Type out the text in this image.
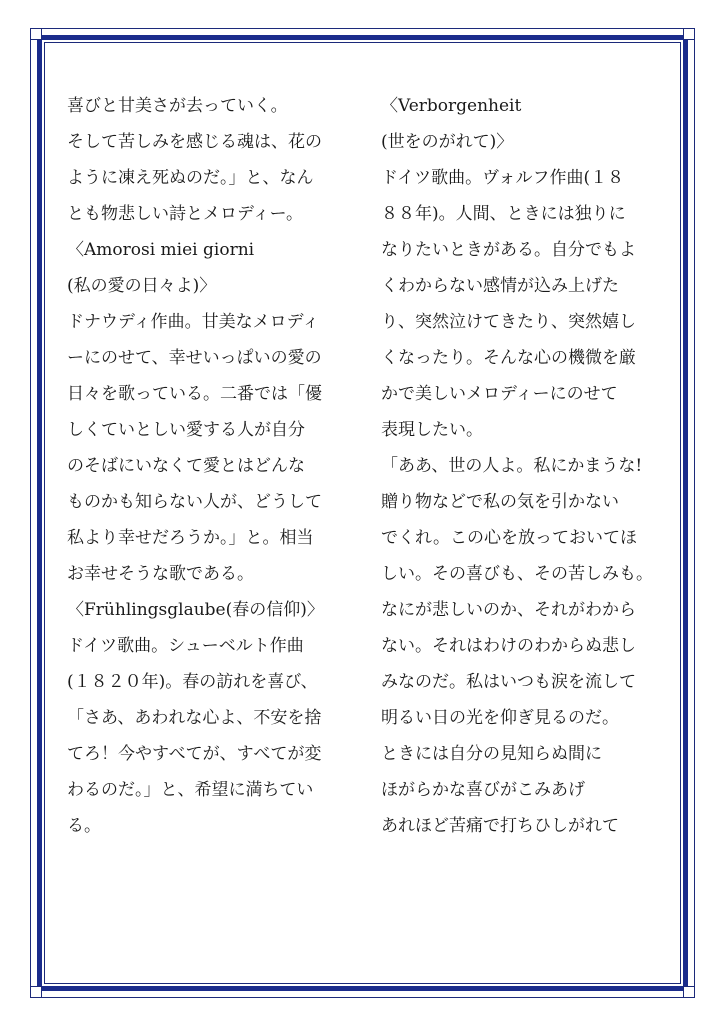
喜びと甘美さが去っていく。
そして苦しみを感じる魂は、花の
ように凍え死ぬのだ。」と、なん
とも物悲しい詩とメロディー。
〈Amorosi miei giorni
(私の愛の日々よ)〉
ドナウディ作曲。甘美なメロディ
ーにのせて、幸せいっぱいの愛の
日々を歌っている。二番では「優
しくていとしい愛する人が自分
のそばにいなくて愛とはどんな
ものかも知らない人が、どうして
私より幸せだろうか。」と。相当
お幸せそうな歌である。
〈Frühlingsglaube(春の信仰)〉
ドイツ歌曲。シューベルト作曲
(１８２０年)。春の訪れを喜び、
「さあ、あわれな心よ、不安を捨
てろ！今やすべてが、すべてが変
わるのだ。」と、希望に満ちてい
る。
〈Verborgenheit
(世をのがれて)〉
ドイツ歌曲。ヴォルフ作曲(１８
８８年)。人間、ときには独りに
なりたいときがある。自分でもよ
くわからない感情が込み上げた
り、突然泣けてきたり、突然嬉し
くなったり。そんな心の機微を厳
かで美しいメロディーにのせて
表現したい。
「ああ、世の人よ。私にかまうな!
贈り物などで私の気を引かない
でくれ。この心を放っておいてほ
しい。その喜びも、その苦しみも。
なにが悲しいのか、それがわから
ない。それはわけのわからぬ悲し
みなのだ。私はいつも涙を流して
明るい日の光を仰ぎ見るのだ。
ときには自分の見知らぬ間に
ほがらかな喜びがこみあげ
あれほど苦痛で打ちひしがれて
